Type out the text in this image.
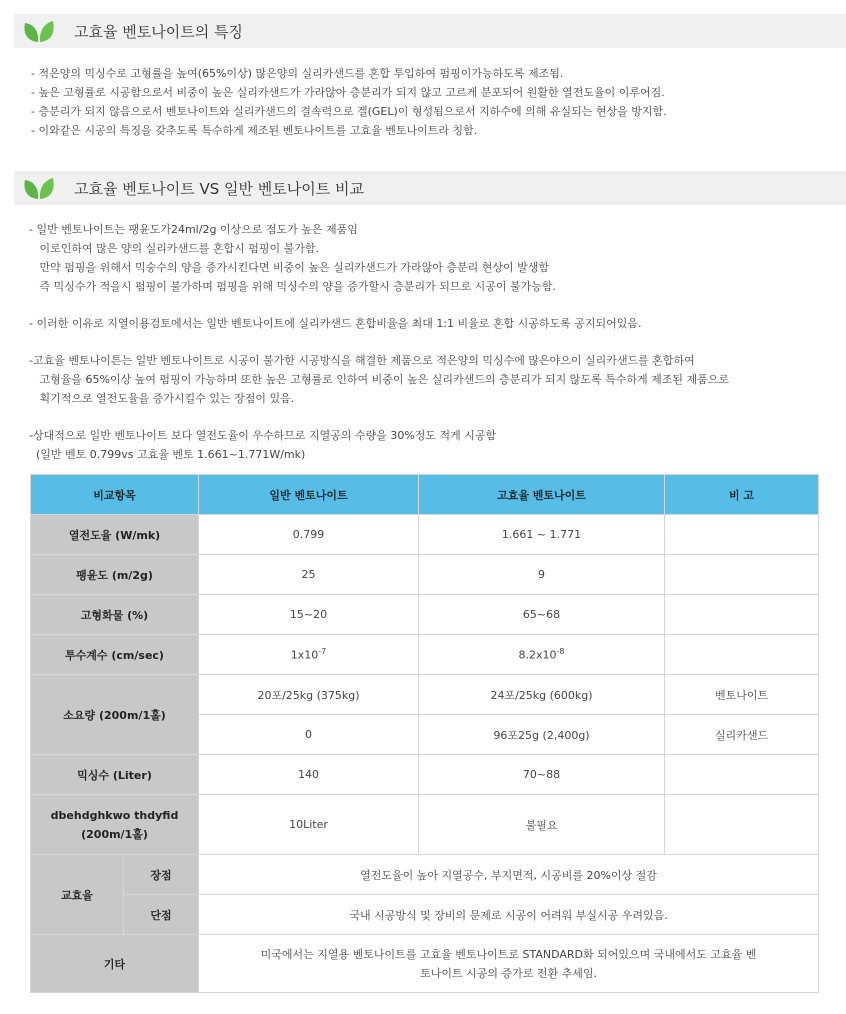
고효율 벤토나이트의 특징
- 적은양의 믹싱수로 고형률을 높여(65%이상) 많은양의 실리카샌드를 혼합 투입하여 펌핑이가능하도록 제조됨.
- 높은 고형률로 시공함으로서 비중이 높은 실리카샌드가 가라않아 층분리가 되지 않고 고르게 분포되어 원활한 열전도율이 이루어짐.
- 층분리가 되지 않음으로서 벤토나이트와 실리카샌드의 결속력으로 겔(GEL)이 형성됨으로서 지하수에 의해 유실되는 현상을 방지함.
- 이와같은 시공의 특징을 갖추도록 특수하게 제조된 벤토나이트를 고효율 벤토나이트라 칭함.
고효율 벤토나이트 VS 일반 벤토나이트 비교
- 일반 벤토나이트는 팽윤도가24ml/2g 이상으로 점도가 높은 제품임
이로인하여 많은 양의 실리카샌드를 혼합시 펌핑이 불가함.
만약 펌핑을 위해서 믹숭수의 양을 증가시킨다면 비중이 높은 실리카샌드가 가라않아 층분리 현상이 발생함
즉 믹싱수가 적을시 펌핑이 불가하며 펌핑을 위해 믹싱수의 양을 증가할시 층분리가 되므로 시공이 불가능함.
- 이러한 이유로 지열이용검토에서는 일반 벤토나이트에 실리카샌드 혼합비율을 최대 1:1 비율로 혼합 시공하도록 공지되어있음.
-고효율 벤토나이튼는 일반 벤토나이트로 시공이 불가한 시공방식을 해결한 제품으로 적은양의 믹싱수에 많은야으이 실리카샌드를 혼합하여
고형율을 65%이상 높여 펌핑이 가능하며 또한 높은 고형률로 인하여 비중이 높은 실리카샌드의 층분리가 되지 않도록 특수하게 제조된 제품으로
획기적으로 열전도율을 증가시킬수 있는 장점이 있음.
-상대적으로 일반 벤토나이트 보다 열전도율이 우수하므로 지열공의 수량을 30%정도 적게 시공함
(일반 벤토 0.799vs 고효율 벤토 1.661~1.771W/mk)
비교항목		일반 벤토나이트	고효율 벤토나이트	비 고
열전도율 (W/mk)		0.799	1.661 ~ 1.771	
팽윤도 (m/2g)		25	9	
고형화물 (%)		15~20	65~68	
투수계수 (cm/sec)		$1x10^{-7}$	$8.2x10^{-8}$	
소요량 (200m/1홀)		20포/25kg (375kg)	24포/25kg (600kg)	벤토나이트
		0	96포25g (2,400g)	실리카샌드
믹싱수 (Liter)		140	70~88	

dbehdghkwo thdyfid
(200m/1홀)		10Liter	불필요	
교효율	장점	열전도율이 높아 지열공수, 부지면적, 시공비를 20%이상 절감		
	단점	국내 시공방식 및 장비의 문제로 시공이 어려워 부실시공 우려있음.		
기타		미국에서는 지열용 벤토나이트를 고효율 벤토나이트로 STANDARD화 되어있으며 국내에서도 고효율 벤
토나이트 시공의 증가로 전환 추세임.		
